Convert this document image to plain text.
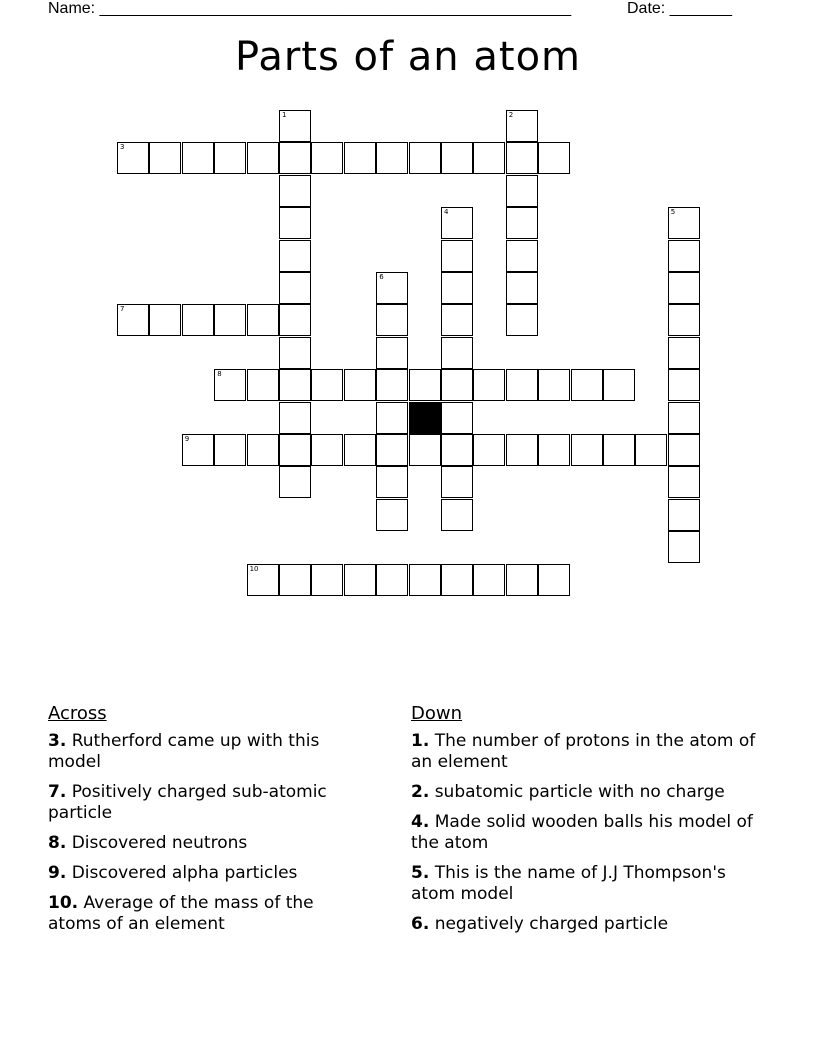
Name: _____________________________________________________	Date: _______
Parts of an atom
1	2
3
4	5
6
7
8
9
10
Across
3. Rutherford came up with this model
7. Positively charged sub-atomic particle
8. Discovered neutrons
9. Discovered alpha particles
10. Average of the mass of the atoms of an element
Down
1. The number of protons in the atom of an element
2. subatomic particle with no charge
4. Made solid wooden balls his model of the atom
5. This is the name of J.J Thompson's atom model
6. negatively charged particle
